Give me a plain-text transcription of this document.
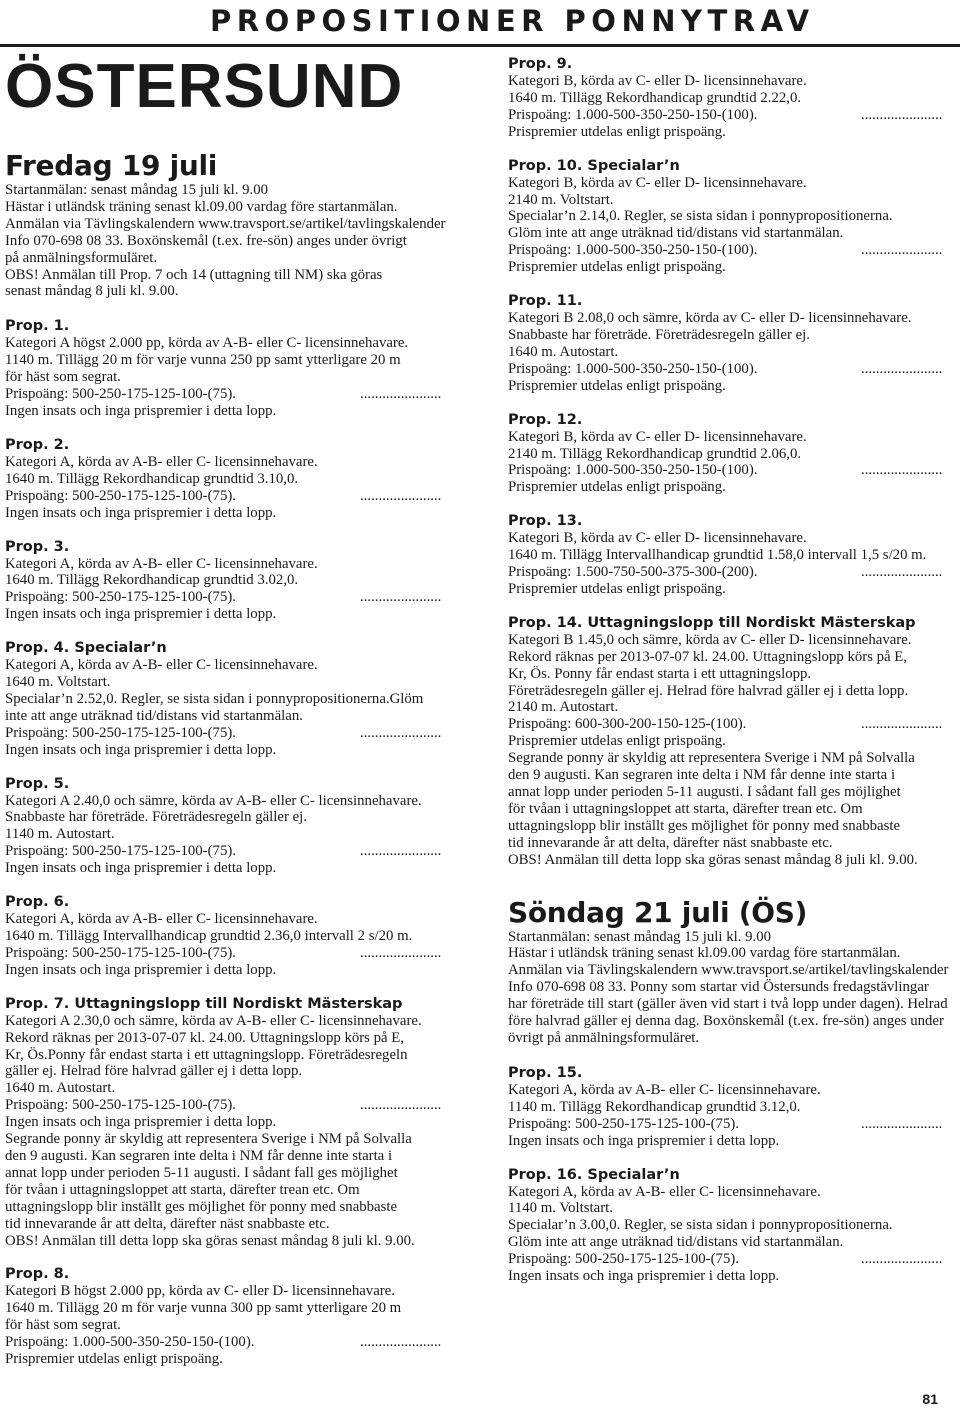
PROPOSITIONER PONNYTRAV
ÖSTERSUND
Fredag 19 juli
Startanmälan: senast måndag 15 juli kl. 9.00
Hästar i utländsk träning senast kl.09.00 vardag före startanmälan.
Anmälan via Tävlingskalendern www.travsport.se/artikel/tavlingskalender
Info 070-698 08 33. Boxönskemål (t.ex. fre-sön) anges under övrigt
på anmälningsformuläret.
OBS! Anmälan till Prop. 7 och 14 (uttagning till NM) ska göras
senast måndag 8 juli kl. 9.00.
Prop. 1.
Kategori A högst 2.000 pp, körda av A-B- eller C- licensinnehavare.
1140 m. Tillägg 20 m för varje vunna 250 pp samt ytterligare 20 m
för häst som segrat.
Prispoäng: 500-250-175-125-100-(75).	......................
Ingen insats och inga prispremier i detta lopp.
Prop. 2.
Kategori A, körda av A-B- eller C- licensinnehavare.
1640 m. Tillägg Rekordhandicap grundtid 3.10,0.
Prispoäng: 500-250-175-125-100-(75).	......................
Ingen insats och inga prispremier i detta lopp.
Prop. 3.
Kategori A, körda av A-B- eller C- licensinnehavare.
1640 m. Tillägg Rekordhandicap grundtid 3.02,0.
Prispoäng: 500-250-175-125-100-(75).	......................
Ingen insats och inga prispremier i detta lopp.
Prop. 4. Specialar’n
Kategori A, körda av A-B- eller C- licensinnehavare.
1640 m. Voltstart.
Specialar’n 2.52,0. Regler, se sista sidan i ponnypropositionerna.Glöm
inte att ange uträknad tid/distans vid startanmälan.
Prispoäng: 500-250-175-125-100-(75).	......................
Ingen insats och inga prispremier i detta lopp.
Prop. 5.
Kategori A 2.40,0 och sämre, körda av A-B- eller C- licensinnehavare.
Snabbaste har företräde. Företrädesregeln gäller ej.
1140 m. Autostart.
Prispoäng: 500-250-175-125-100-(75).	......................
Ingen insats och inga prispremier i detta lopp.
Prop. 6.
Kategori A, körda av A-B- eller C- licensinnehavare.
1640 m. Tillägg Intervallhandicap grundtid 2.36,0 intervall 2 s/20 m.
Prispoäng: 500-250-175-125-100-(75).	......................
Ingen insats och inga prispremier i detta lopp.
Prop. 7. Uttagningslopp till Nordiskt Mästerskap
Kategori A 2.30,0 och sämre, körda av A-B- eller C- licensinnehavare.
Rekord räknas per 2013-07-07 kl. 24.00. Uttagningslopp körs på E,
Kr, Ös.Ponny får endast starta i ett uttagningslopp. Företrädesregeln
gäller ej. Helrad före halvrad gäller ej i detta lopp.
1640 m. Autostart.
Prispoäng: 500-250-175-125-100-(75).	......................
Ingen insats och inga prispremier i detta lopp.
Segrande ponny är skyldig att representera Sverige i NM på Solvalla
den 9 augusti. Kan segraren inte delta i NM får denne inte starta i
annat lopp under perioden 5-11 augusti. I sådant fall ges möjlighet
för tvåan i uttagningsloppet att starta, därefter trean etc. Om
uttagningslopp blir inställt ges möjlighet för ponny med snabbaste
tid innevarande år att delta, därefter näst snabbaste etc.
OBS! Anmälan till detta lopp ska göras senast måndag 8 juli kl. 9.00.
Prop. 8.
Kategori B högst 2.000 pp, körda av C- eller D- licensinnehavare.
1640 m. Tillägg 20 m för varje vunna 300 pp samt ytterligare 20 m
för häst som segrat.
Prispoäng: 1.000-500-350-250-150-(100).	......................
Prispremier utdelas enligt prispoäng.
Prop. 9.
Kategori B, körda av C- eller D- licensinnehavare.
1640 m. Tillägg Rekordhandicap grundtid 2.22,0.
Prispoäng: 1.000-500-350-250-150-(100).	......................
Prispremier utdelas enligt prispoäng.
Prop. 10. Specialar’n
Kategori B, körda av C- eller D- licensinnehavare.
2140 m. Voltstart.
Specialar’n 2.14,0. Regler, se sista sidan i ponnypropositionerna.
Glöm inte att ange uträknad tid/distans vid startanmälan.
Prispoäng: 1.000-500-350-250-150-(100).	......................
Prispremier utdelas enligt prispoäng.
Prop. 11.
Kategori B 2.08,0 och sämre, körda av C- eller D- licensinnehavare.
Snabbaste har företräde. Företrädesregeln gäller ej.
1640 m. Autostart.
Prispoäng: 1.000-500-350-250-150-(100).	......................
Prispremier utdelas enligt prispoäng.
Prop. 12.
Kategori B, körda av C- eller D- licensinnehavare.
2140 m. Tillägg Rekordhandicap grundtid 2.06,0.
Prispoäng: 1.000-500-350-250-150-(100).	......................
Prispremier utdelas enligt prispoäng.
Prop. 13.
Kategori B, körda av C- eller D- licensinnehavare.
1640 m. Tillägg Intervallhandicap grundtid 1.58,0 intervall 1,5 s/20 m.
Prispoäng: 1.500-750-500-375-300-(200).	......................
Prispremier utdelas enligt prispoäng.
Prop. 14. Uttagningslopp till Nordiskt Mästerskap
Kategori B 1.45,0 och sämre, körda av C- eller D- licensinnehavare.
Rekord räknas per 2013-07-07 kl. 24.00. Uttagningslopp körs på E,
Kr, Ös. Ponny får endast starta i ett uttagningslopp.
Företrädesregeln gäller ej. Helrad före halvrad gäller ej i detta lopp.
2140 m. Autostart.
Prispoäng: 600-300-200-150-125-(100).	......................
Prispremier utdelas enligt prispoäng.
Segrande ponny är skyldig att representera Sverige i NM på Solvalla
den 9 augusti. Kan segraren inte delta i NM får denne inte starta i
annat lopp under perioden 5-11 augusti. I sådant fall ges möjlighet
för tvåan i uttagningsloppet att starta, därefter trean etc. Om
uttagningslopp blir inställt ges möjlighet för ponny med snabbaste
tid innevarande år att delta, därefter näst snabbaste etc.
OBS! Anmälan till detta lopp ska göras senast måndag 8 juli kl. 9.00.
Söndag 21 juli (ÖS)
Startanmälan: senast måndag 15 juli kl. 9.00
Hästar i utländsk träning senast kl.09.00 vardag före startanmälan.
Anmälan via Tävlingskalendern www.travsport.se/artikel/tavlingskalender
Info 070-698 08 33. Ponny som startar vid Östersunds fredagstävlingar
har företräde till start (gäller även vid start i två lopp under dagen). Helrad
före halvrad gäller ej denna dag. Boxönskemål (t.ex. fre-sön) anges under
övrigt på anmälningsformuläret.
Prop. 15.
Kategori A, körda av A-B- eller C- licensinnehavare.
1140 m. Tillägg Rekordhandicap grundtid 3.12,0.
Prispoäng: 500-250-175-125-100-(75).	......................
Ingen insats och inga prispremier i detta lopp.
Prop. 16. Specialar’n
Kategori A, körda av A-B- eller C- licensinnehavare.
1140 m. Voltstart.
Specialar’n 3.00,0. Regler, se sista sidan i ponnypropositionerna.
Glöm inte att ange uträknad tid/distans vid startanmälan.
Prispoäng: 500-250-175-125-100-(75).	......................
Ingen insats och inga prispremier i detta lopp.
81
